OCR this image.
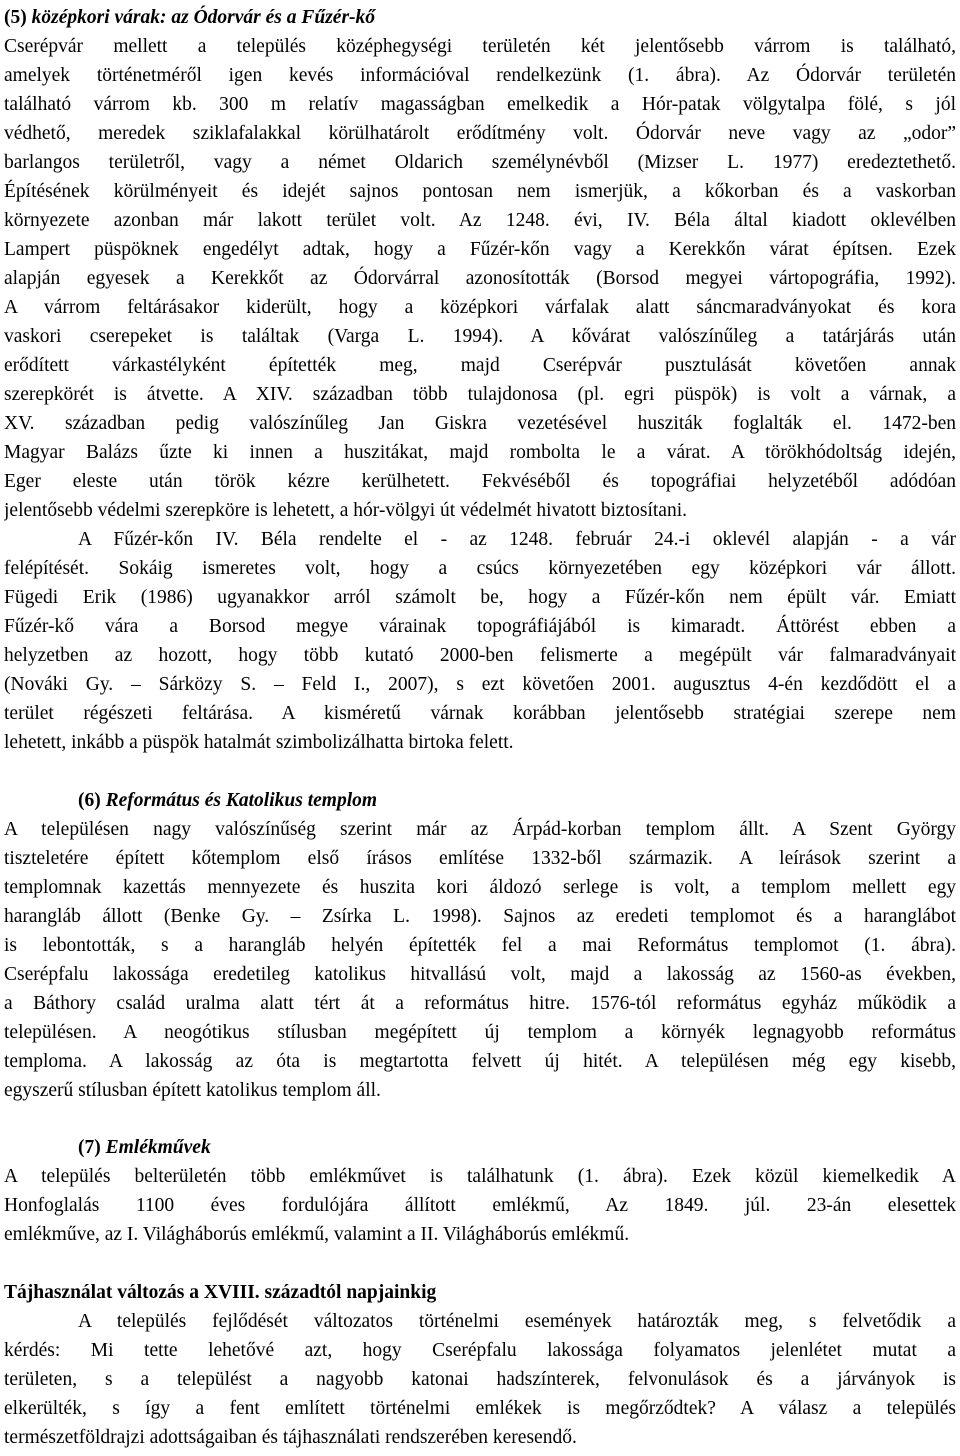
(5) középkori várak: az Ódorvár és a Fűzér-kő
Cserépvár mellett a település középhegységi területén két jelentősebb várrom is található,
amelyek történetméről igen kevés információval rendelkezünk (1. ábra). Az Ódorvár területén
található várrom kb. 300 m relatív magasságban emelkedik a Hór-patak völgytalpa fölé, s jól
védhető, meredek sziklafalakkal körülhatárolt erődítmény volt. Ódorvár neve vagy az „odor”
barlangos területről, vagy a német Oldarich személynévből (Mizser L. 1977) eredeztethető.
Építésének körülményeit és idejét sajnos pontosan nem ismerjük, a kőkorban és a vaskorban
környezete azonban már lakott terület volt. Az 1248. évi, IV. Béla által kiadott oklevélben
Lampert püspöknek engedélyt adtak, hogy a Fűzér-kőn vagy a Kerekkőn várat építsen. Ezek
alapján egyesek a Kerekkőt az Ódorvárral azonosították (Borsod megyei vártopográfia, 1992).
A várrom feltárásakor kiderült, hogy a középkori várfalak alatt sáncmaradványokat és kora
vaskori cserepeket is találtak (Varga L. 1994). A kővárat valószínűleg a tatárjárás után
erődített várkastélyként építették meg, majd Cserépvár pusztulását követően annak
szerepkörét is átvette. A XIV. században több tulajdonosa (pl. egri püspök) is volt a várnak, a
XV. században pedig valószínűleg Jan Giskra vezetésével husziták foglalták el. 1472-ben
Magyar Balázs űzte ki innen a huszitákat, majd rombolta le a várat. A törökhódoltság idején,
Eger eleste után török kézre kerülhetett. Fekvéséből és topográfiai helyzetéből adódóan
jelentősebb védelmi szerepköre is lehetett, a hór-völgyi út védelmét hivatott biztosítani.
A Fűzér-kőn IV. Béla rendelte el - az 1248. február 24.-i oklevél alapján - a vár
felépítését. Sokáig ismeretes volt, hogy a csúcs környezetében egy középkori vár állott.
Fügedi Erik (1986) ugyanakkor arról számolt be, hogy a Fűzér-kőn nem épült vár. Emiatt
Fűzér-kő vára a Borsod megye várainak topográfiájából is kimaradt. Áttörést ebben a
helyzetben az hozott, hogy több kutató 2000-ben felismerte a megépült vár falmaradványait
(Nováki Gy. – Sárközy S. – Feld I., 2007), s ezt követően 2001. augusztus 4-én kezdődött el a
terület régészeti feltárása. A kisméretű várnak korábban jelentősebb stratégiai szerepe nem
lehetett, inkább a püspök hatalmát szimbolizálhatta birtoka felett.
(6) Református és Katolikus templom
A településen nagy valószínűség szerint már az Árpád-korban templom állt. A Szent György
tiszteletére épített kőtemplom első írásos említése 1332-ből származik. A leírások szerint a
templomnak kazettás mennyezete és huszita kori áldozó serlege is volt, a templom mellett egy
harangláb állott (Benke Gy. – Zsírka L. 1998). Sajnos az eredeti templomot és a haranglábot
is lebontották, s a harangláb helyén építették fel a mai Református templomot (1. ábra).
Cserépfalu lakossága eredetileg katolikus hitvallású volt, majd a lakosság az 1560-as években,
a Báthory család uralma alatt tért át a református hitre. 1576-tól református egyház működik a
településen. A neogótikus stílusban megépített új templom a környék legnagyobb református
temploma. A lakosság az óta is megtartotta felvett új hitét. A településen még egy kisebb,
egyszerű stílusban épített katolikus templom áll.
(7) Emlékművek
A település belterületén több emlékművet is találhatunk (1. ábra). Ezek közül kiemelkedik A
Honfoglalás 1100 éves fordulójára állított emlékmű, Az 1849. júl. 23-án elesettek
emlékműve, az I. Világháborús emlékmű, valamint a II. Világháborús emlékmű.
Tájhasználat változás a XVIII. századtól napjainkig
A település fejlődését változatos történelmi események határozták meg, s felvetődik a
kérdés: Mi tette lehetővé azt, hogy Cserépfalu lakossága folyamatos jelenlétet mutat a
területen, s a települést a nagyobb katonai hadszínterek, felvonulások és a járványok is
elkerülték, s így a fent említett történelmi emlékek is megőrződtek? A válasz a település
természetföldrajzi adottságaiban és tájhasználati rendszerében keresendő.
